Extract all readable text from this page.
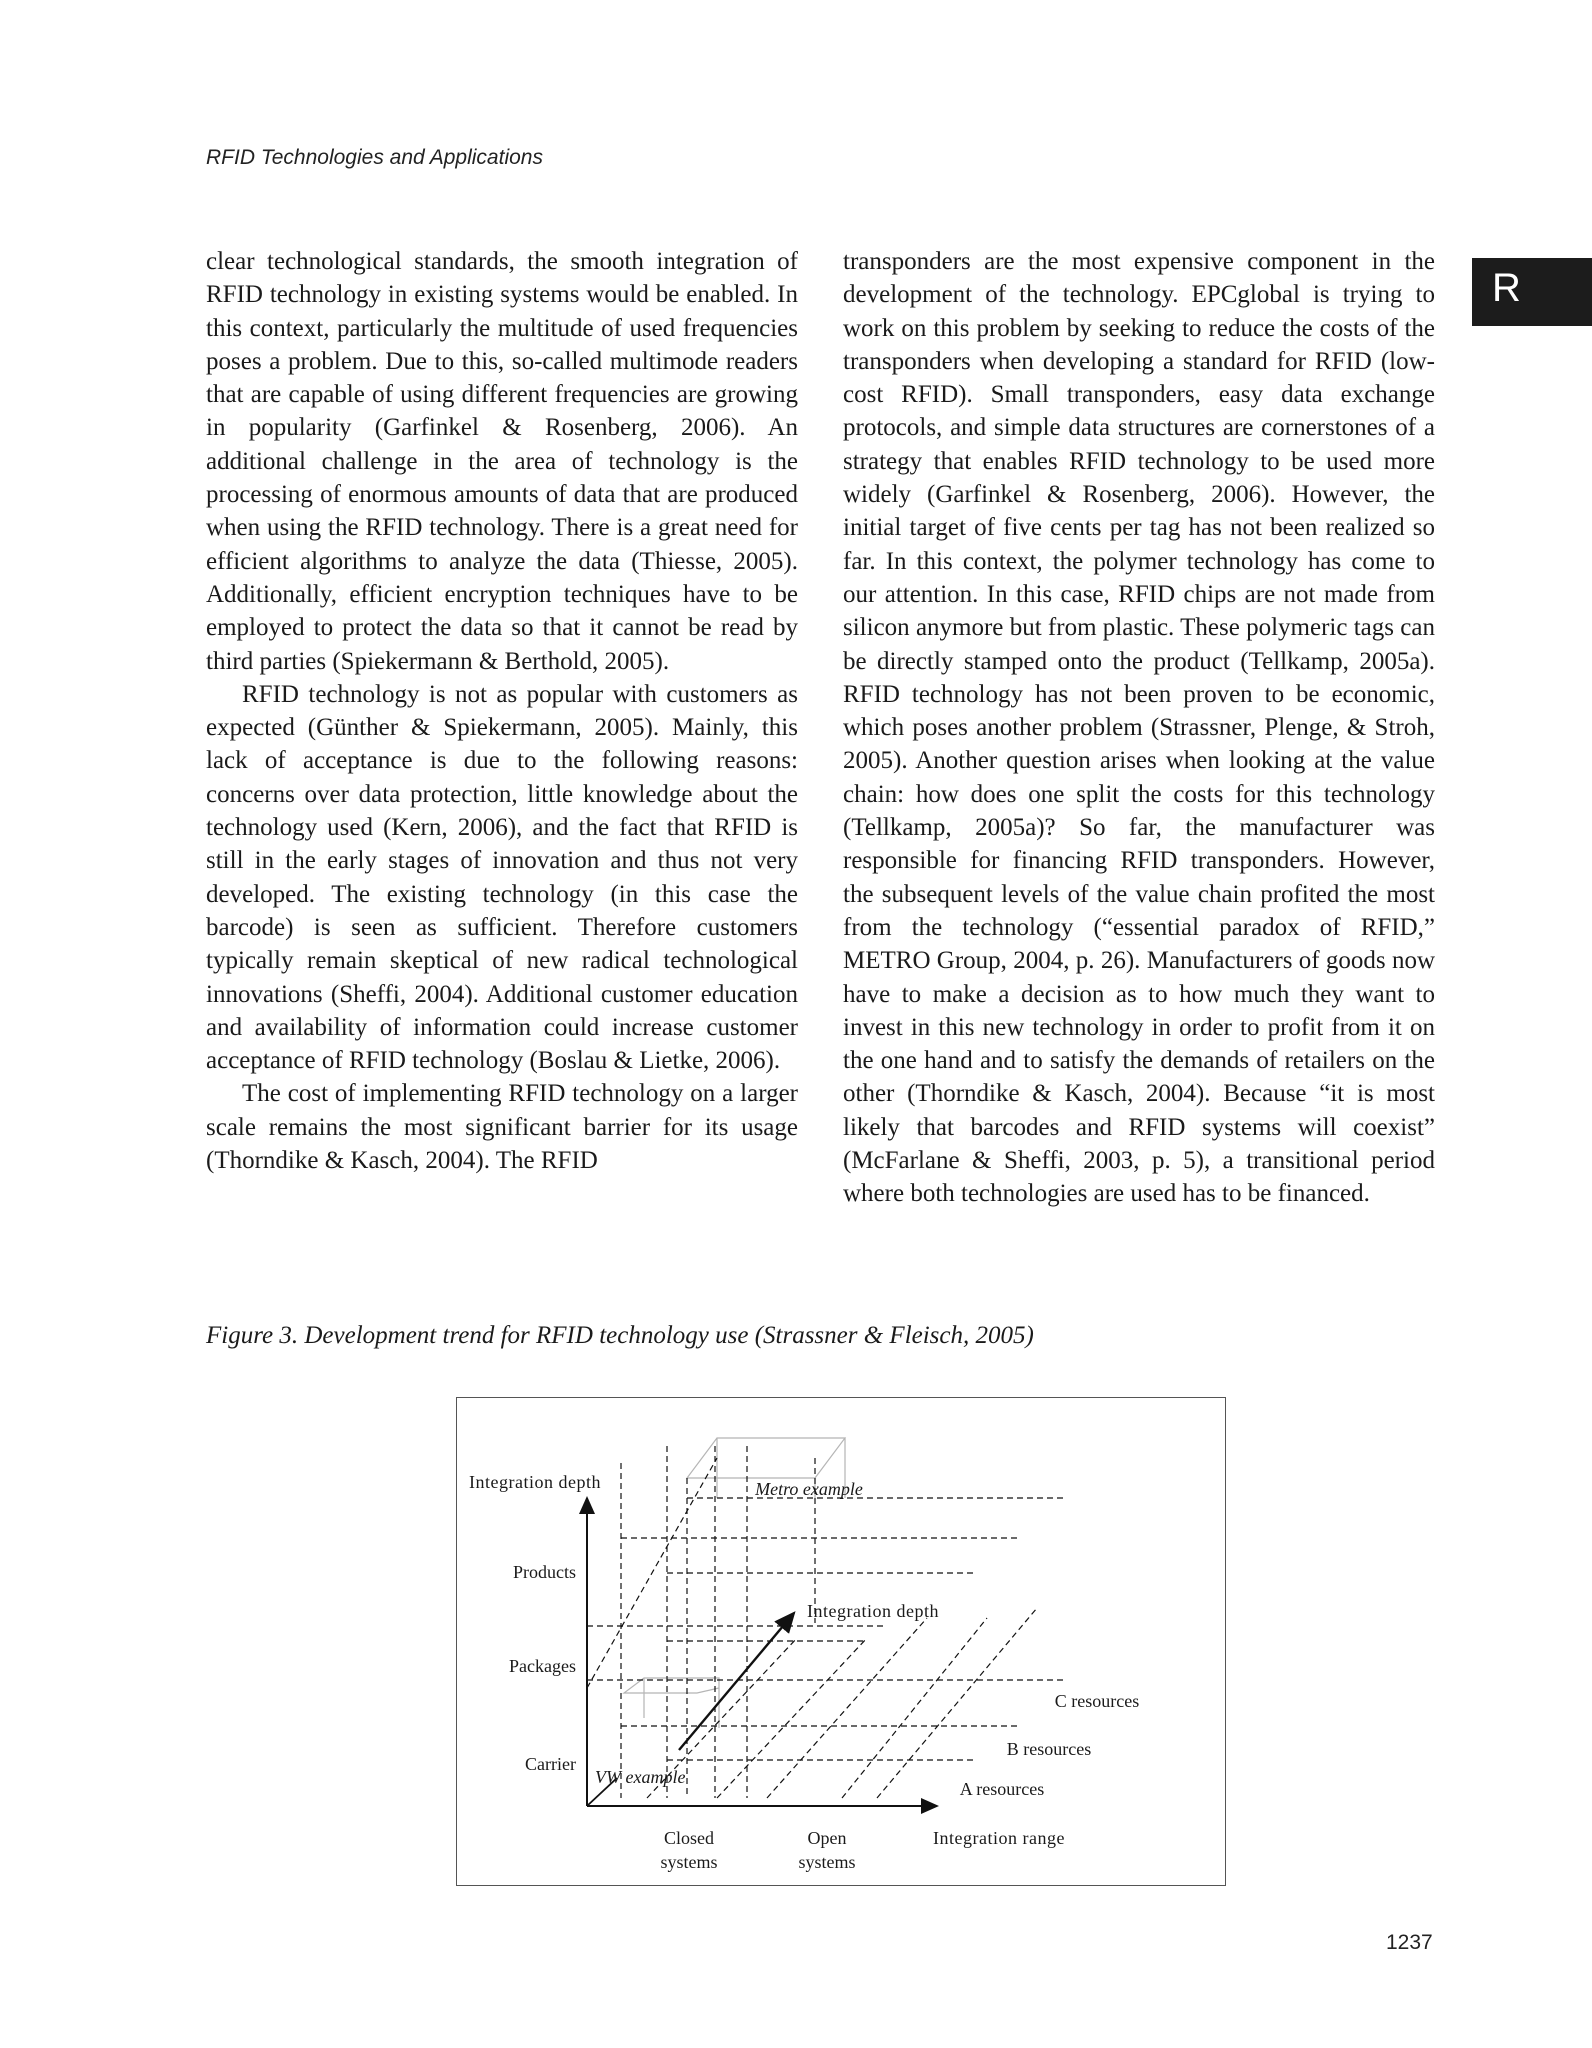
RFID Technologies and Applications
R

clear technological standards, the smooth integration of RFID technology in existing systems would be enabled. In this context, particularly the multitude of used frequencies poses a problem. Due to this, so-called multimode readers that are capable of using different frequencies are growing in popularity (Garfinkel & Rosenberg, 2006). An additional challenge in the area of technology is the processing of enormous amounts of data that are produced when using the RFID technology. There is a great need for efficient algorithms to analyze the data (Thiesse, 2005). Additionally, efficient encryption techniques have to be employed to protect the data so that it cannot be read by third parties (Spiekermann & Berthold, 2005).

RFID technology is not as popular with customers as expected (Günther & Spiekermann, 2005). Mainly, this lack of acceptance is due to the following reasons: concerns over data protection, little knowledge about the technology used (Kern, 2006), and the fact that RFID is still in the early stages of innovation and thus not very developed. The existing technology (in this case the barcode) is seen as sufficient. Therefore customers typically remain skeptical of new radical technological innovations (Sheffi, 2004). Additional customer education and availability of information could increase customer acceptance of RFID technology (Boslau & Lietke, 2006).

The cost of implementing RFID technology on a larger scale remains the most significant barrier for its usage (Thorndike & Kasch, 2004). The RFID

transponders are the most expensive component in the development of the technology. EPCglobal is trying to work on this problem by seeking to reduce the costs of the transponders when developing a standard for RFID (low-cost RFID). Small transponders, easy data exchange protocols, and simple data structures are cornerstones of a strategy that enables RFID technology to be used more widely (Garfinkel & Rosenberg, 2006). However, the initial target of five cents per tag has not been realized so far. In this context, the polymer technology has come to our attention. In this case, RFID chips are not made from silicon anymore but from plastic. These polymeric tags can be directly stamped onto the product (Tellkamp, 2005a). RFID technology has not been proven to be economic, which poses another problem (Strassner, Plenge, & Stroh, 2005). Another question arises when looking at the value chain: how does one split the costs for this technology (Tellkamp, 2005a)? So far, the manufacturer was responsible for financing RFID transponders. However, the subsequent levels of the value chain profited the most from the technology (“essential paradox of RFID,” METRO Group, 2004, p. 26). Manufacturers of goods now have to make a decision as to how much they want to invest in this new technology in order to profit from it on the one hand and to satisfy the demands of retailers on the other (Thorndike & Kasch, 2004). Because “it is most likely that barcodes and RFID systems will coexist” (McFarlane & Sheffi, 2003, p. 5), a transitional period where both technologies are used has to be financed.

Figure 3. Development trend for RFID technology use (Strassner & Fleisch, 2005)
Integration depth
Products
Packages
Carrier
Metro example
Integration depth
VW example
C resources
B resources
A resources
Closed
systems
Open
systems
Integration range
1237
